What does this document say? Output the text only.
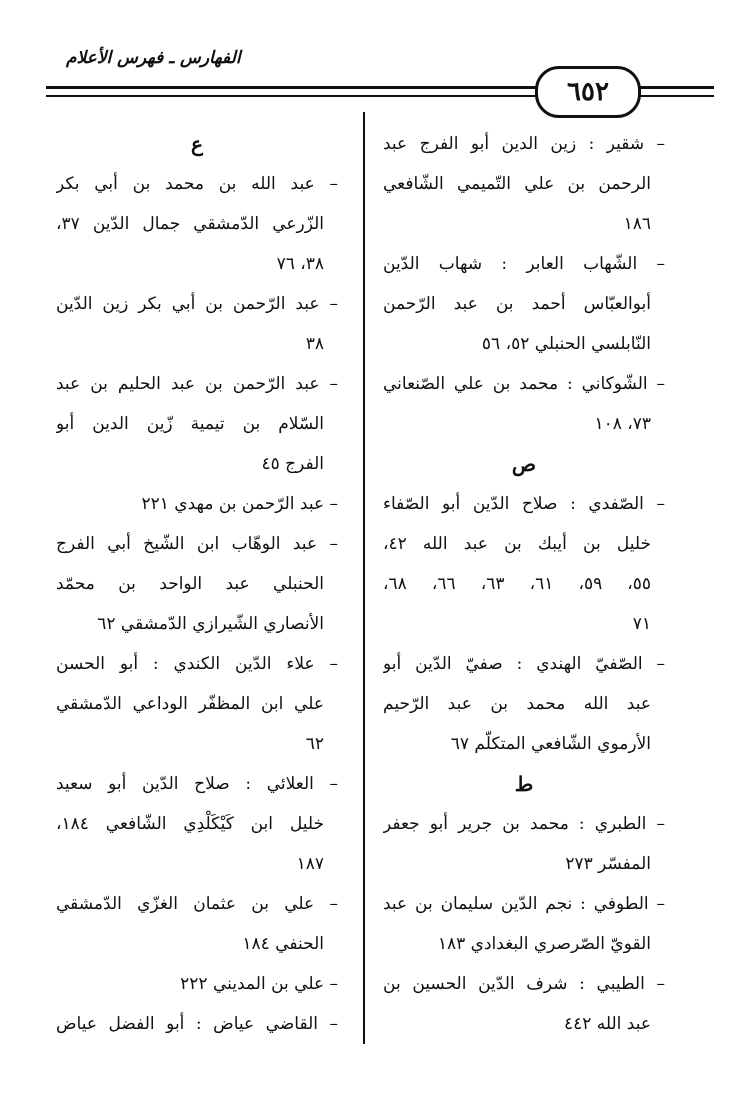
الفهارس ـ فهرس الأعلام
٦٥٢
– شقير : زين الدين أبو الفرج عبد
الرحمن بن علي التّميمي الشّافعي
١٨٦
– الشّهاب العابر : شهاب الدّين
أبوالعبّاس أحمد بن عبد الرّحمن
النّابلسي الحنبلي ٥٢، ٥٦
– الشّوكاني : محمد بن علي الصّنعاني
٧٣، ١٠٨
ص
– الصّفدي : صلاح الدّين أبو الصّفاء
خليل بن أيبك بن عبد الله ٤٢،
٥٥، ٥٩، ٦١، ٦٣، ٦٦، ٦٨،
٧١
– الصّفيّ الهندي : صفيّ الدّين أبو
عبد الله محمد بن عبد الرّحيم
الأرموي الشّافعي المتكلّم ٦٧
ط
– الطبري : محمد بن جرير أبو جعفر
المفسّر ٢٧٣
– الطوفي : نجم الدّين سليمان بن عبد
القويّ الصّرصري البغدادي ١٨٣
– الطيبي : شرف الدّين الحسين بن
عبد الله ٤٤٢
ع
– عبد الله بن محمد بن أبي بكر
الزّرعي الدّمشقي جمال الدّين ٣٧،
٣٨، ٧٦
– عبد الرّحمن بن أبي بكر زين الدّين
٣٨
– عبد الرّحمن بن عبد الحليم بن عبد
السّلام بن تيمية زّين الدين أبو
الفرج ٤٥
– عبد الرّحمن بن مهدي ٢٢١
– عبد الوهّاب ابن الشّيخ أبي الفرج
الحنبلي عبد الواحد بن محمّد
الأنصاري الشّيرازي الدّمشقي ٦٢
– علاء الدّين الكندي : أبو الحسن
علي ابن المظفّر الوداعي الدّمشقي
٦٢
– العلائي : صلاح الدّين أبو سعيد
خليل ابن كَيْكَلْدِي الشّافعي ١٨٤،
١٨٧
– علي بن عثمان الغزّي الدّمشقي
الحنفي ١٨٤
– علي بن المديني ٢٢٢
– القاضي عياض : أبو الفضل عياض
